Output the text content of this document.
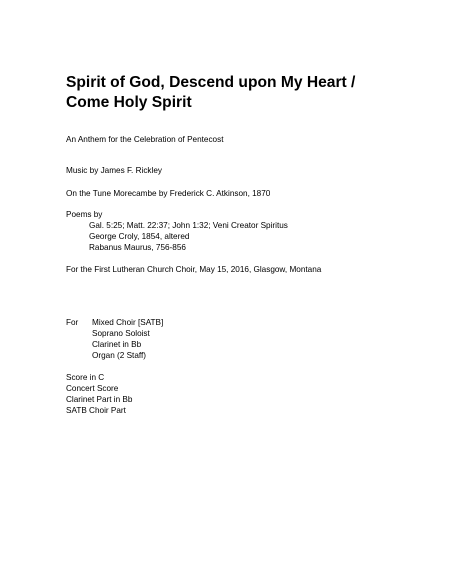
Spirit of God, Descend upon My Heart /
Come Holy Spirit

An Anthem for the Celebration of Pentecost

Music by James F. Rickley

On the Tune Morecambe by Frederick C. Atkinson, 1870

Poems by

Gal. 5:25; Matt. 22:37; John 1:32; Veni Creator Spiritus

George Croly, 1854, altered

Rabanus Maurus, 756-856

For the First Lutheran Church Choir, May 15, 2016, Glasgow, Montana

For Mixed Choir [SATB]

Soprano Soloist

Clarinet in Bb

Organ (2 Staff)

Score in C

Concert Score

Clarinet Part in Bb

SATB Choir Part
